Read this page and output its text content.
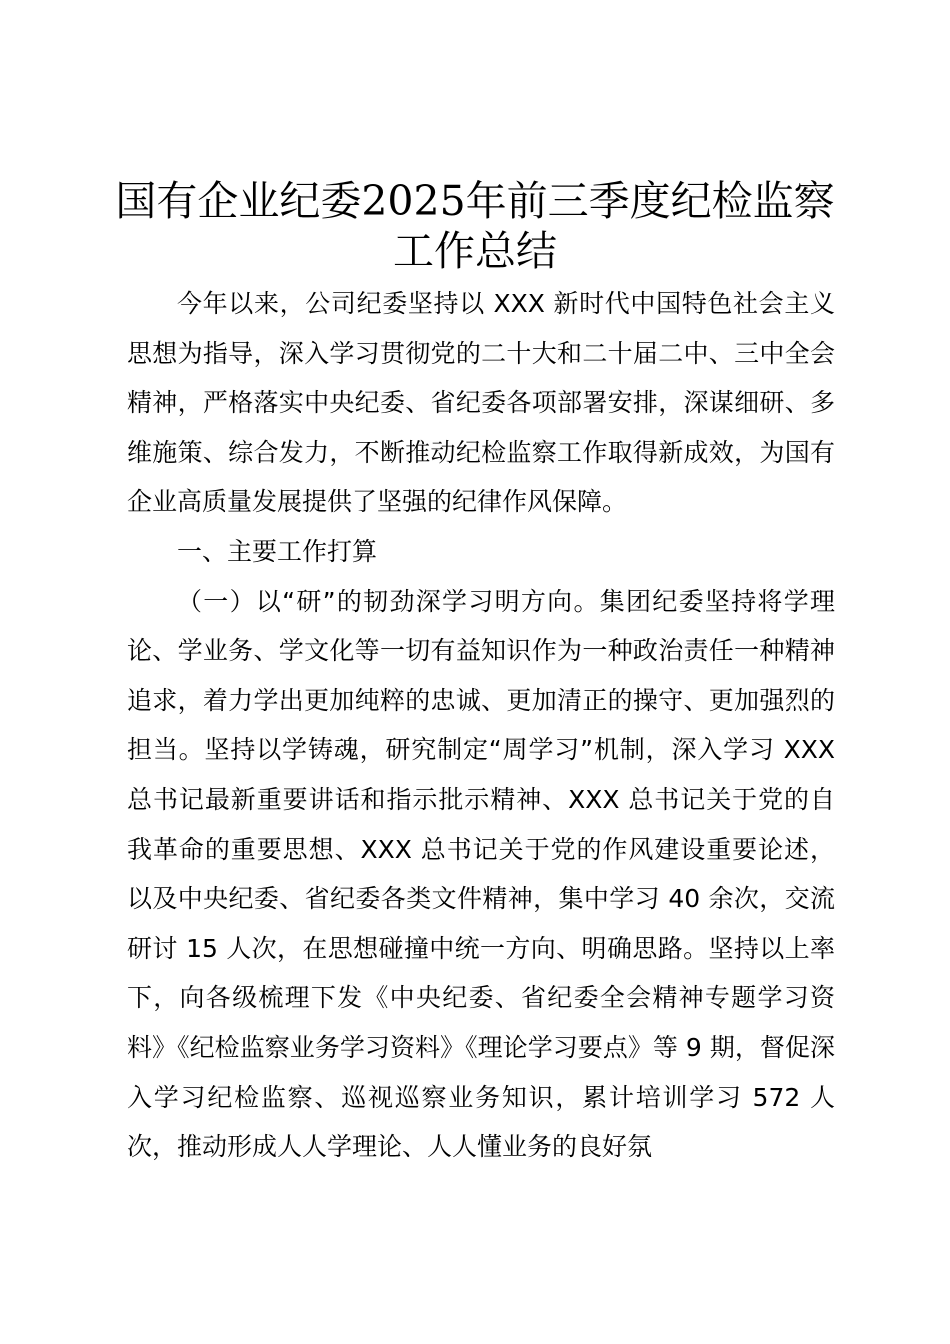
国有企业纪委2025年前三季度纪检监察工作总结

今年以来，公司纪委坚持以 XXX 新时代中国特色社会主义思想为指导，深入学习贯彻党的二十大和二十届二中、三中全会精神，严格落实中央纪委、省纪委各项部署安排，深谋细研、多维施策、综合发力，不断推动纪检监察工作取得新成效，为国有企业高质量发展提供了坚强的纪律作风保障。

一、主要工作打算

（一）以“研”的韧劲深学习明方向。集团纪委坚持将学理论、学业务、学文化等一切有益知识作为一种政治责任一种精神追求，着力学出更加纯粹的忠诚、更加清正的操守、更加强烈的担当。坚持以学铸魂，研究制定“周学习”机制，深入学习 XXX 总书记最新重要讲话和指示批示精神、XXX 总书记关于党的自我革命的重要思想、XXX 总书记关于党的作风建设重要论述，以及中央纪委、省纪委各类文件精神，集中学习 40 余次，交流研讨 15 人次，在思想碰撞中统一方向、明确思路。坚持以上率下，向各级梳理下发《中央纪委、省纪委全会精神专题学习资料》《纪检监察业务学习资料》《理论学习要点》等 9 期，督促深入学习纪检监察、巡视巡察业务知识，累计培训学习 572 人次，推动形成人人学理论、人人懂业务的良好氛
